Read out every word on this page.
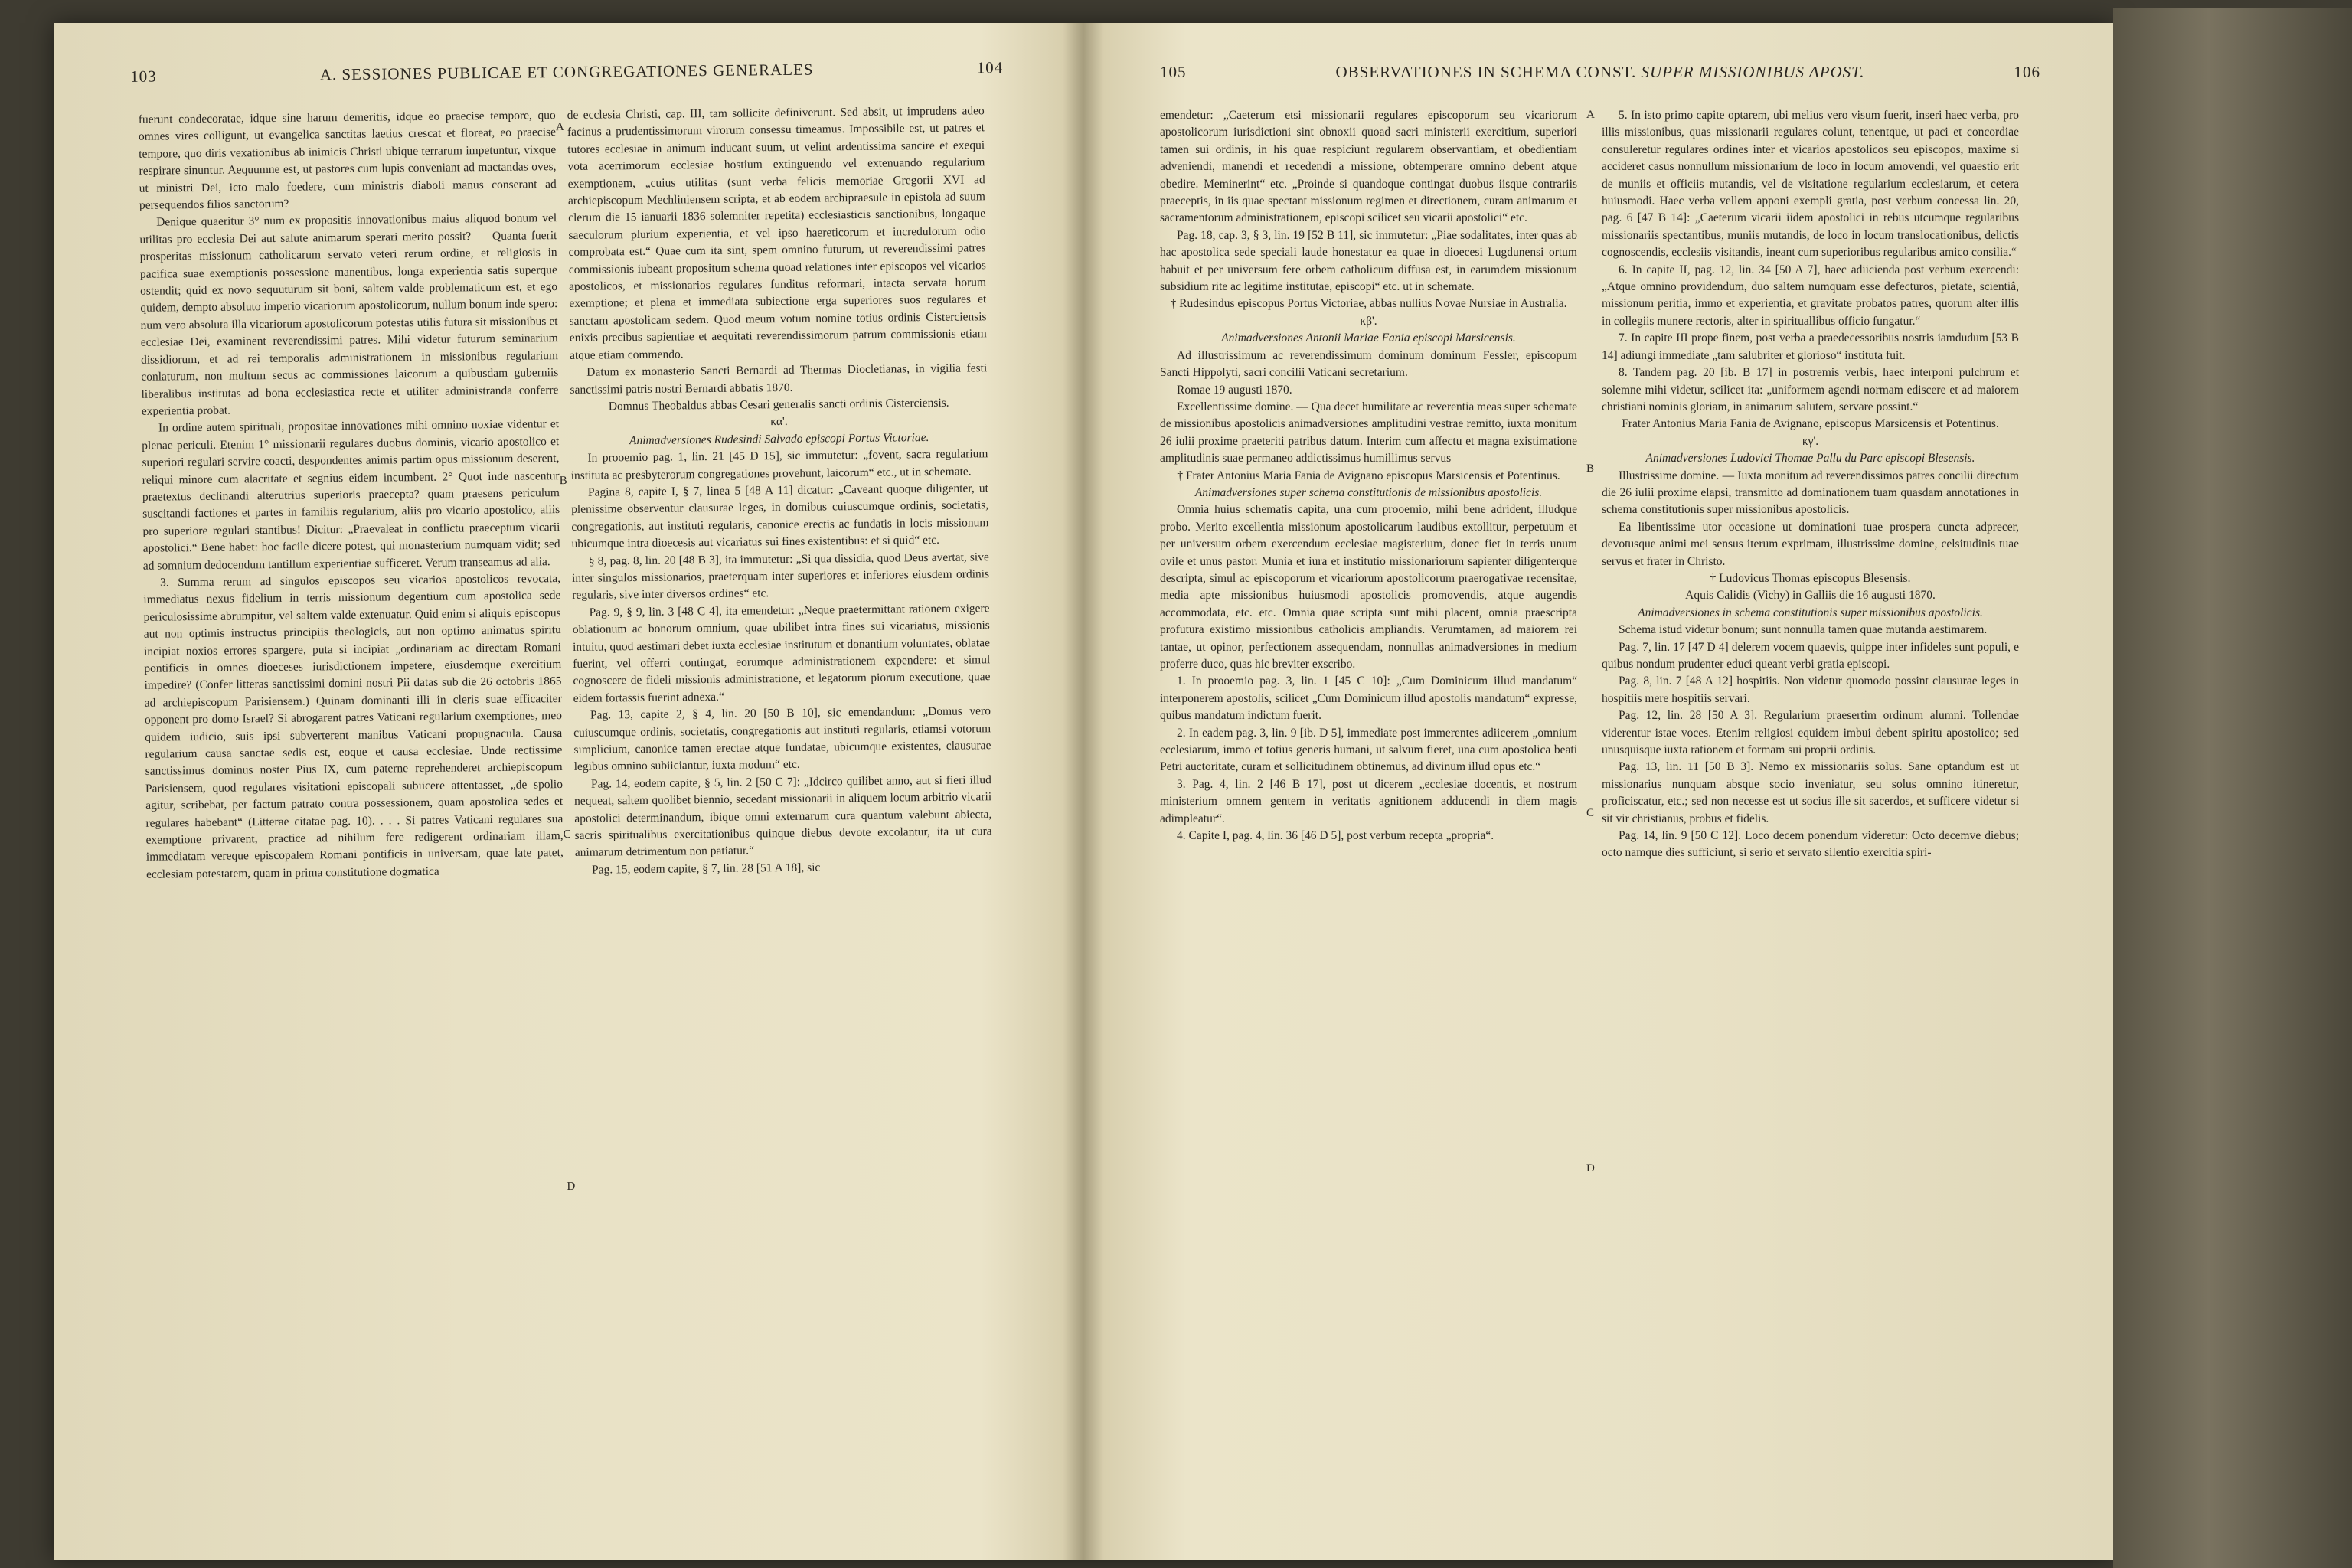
103	A. SESSIONES PUBLICAE ET CONGREGATIONES GENERALES	104

fuerunt condecoratae, idque sine harum demeritis, idque eo praecise tempore, quo omnes vires colligunt, ut evangelica sanctitas laetius crescat et floreat, eo praecise tempore, quo diris vexationibus ab inimicis Christi ubique terrarum impetuntur, vixque respirare sinuntur. Aequumne est, ut pastores cum lupis conveniant ad mactandas oves, ut ministri Dei, icto malo foedere, cum ministris diaboli manus conserant ad persequendos filios sanctorum?

Denique quaeritur 3° num ex propositis innovationibus maius aliquod bonum vel utilitas pro ecclesia Dei aut salute animarum sperari merito possit? — Quanta fuerit prosperitas missionum catholicarum servato veteri rerum ordine, et religiosis in pacifica suae exemptionis possessione manentibus, longa experientia satis superque ostendit; quid ex novo sequuturum sit boni, saltem valde problematicum est, et ego quidem, dempto absoluto imperio vicariorum apostolicorum, nullum bonum inde spero: num vero absoluta illa vicariorum apostolicorum potestas utilis futura sit missionibus et ecclesiae Dei, examinent reverendissimi patres. Mihi videtur futurum seminarium dissidiorum, et ad rei temporalis administrationem in missionibus regularium conlaturum, non multum secus ac commissiones laicorum a quibusdam guberniis liberalibus institutas ad bona ecclesiastica recte et utiliter administranda conferre experientia probat.

In ordine autem spirituali, propositae innovationes mihi omnino noxiae videntur et plenae periculi. Etenim 1° missionarii regulares duobus dominis, vicario apostolico et superiori regulari servire coacti, despondentes animis partim opus missionum deserent, reliqui minore cum alacritate et segnius eidem incumbent. 2° Quot inde nascentur praetextus declinandi alterutrius superioris praecepta? quam praesens periculum suscitandi factiones et partes in familiis regularium, aliis pro vicario apostolico, aliis pro superiore regulari stantibus! Dicitur: „Praevaleat in conflictu praeceptum vicarii apostolici.“ Bene habet: hoc facile dicere potest, qui monasterium numquam vidit; sed ad somnium dedocendum tantillum experientiae sufficeret. Verum transeamus ad alia.

3. Summa rerum ad singulos episcopos seu vicarios apostolicos revocata, immediatus nexus fidelium in terris missionum degentium cum apostolica sede periculosissime abrumpitur, vel saltem valde extenuatur. Quid enim si aliquis episcopus aut non optimis instructus principiis theologicis, aut non optimo animatus spiritu incipiat noxios errores spargere, puta si incipiat „ordinariam ac directam Romani pontificis in omnes dioeceses iurisdictionem impetere, eiusdemque exercitium impedire? (Confer litteras sanctissimi domini nostri Pii datas sub die 26 octobris 1865 ad archiepiscopum Parisiensem.) Quinam dominanti illi in cleris suae efficaciter opponent pro domo Israel? Si abrogarent patres Vaticani regularium exemptiones, meo quidem iudicio, suis ipsi subverterent manibus Vaticani propugnacula. Causa regularium causa sanctae sedis est, eoque et causa ecclesiae. Unde rectissime sanctissimus dominus noster Pius IX, cum paterne reprehenderet archiepiscopum Parisiensem, quod regulares visitationi episcopali subiicere attentasset, „de spolio agitur, scribebat, per factum patrato contra possessionem, quam apostolica sedes et regulares habebant“ (Litterae citatae pag. 10). . . . Si patres Vaticani regulares sua exemptione privarent, practice ad nihilum fere redigerent ordinariam illam, immediatam vereque episcopalem Romani pontificis in universam, quae late patet, ecclesiam potestatem, quam in prima constitutione dogmatica

de ecclesia Christi, cap. III, tam sollicite definiverunt. Sed absit, ut imprudens adeo facinus a prudentissimorum virorum consessu timeamus. Impossibile est, ut patres et tutores ecclesiae in animum inducant suum, ut velint ardentissima sancire et exequi vota acerrimorum ecclesiae hostium extinguendo vel extenuando regularium exemptionem, „cuius utilitas (sunt verba felicis memoriae Gregorii XVI ad archiepiscopum Mechliniensem scripta, et ab eodem archipraesule in epistola ad suum clerum die 15 ianuarii 1836 solemniter repetita) ecclesiasticis sanctionibus, longaque saeculorum plurium experientia, et vel ipso haereticorum et incredulorum odio comprobata est.“ Quae cum ita sint, spem omnino futurum, ut reverendissimi patres commissionis iubeant propositum schema quoad relationes inter episcopos vel vicarios apostolicos, et missionarios regulares funditus reformari, intacta servata horum exemptione; et plena et immediata subiectione erga superiores suos regulares et sanctam apostolicam sedem. Quod meum votum nomine totius ordinis Cisterciensis enixis precibus sapientiae et aequitati reverendissimorum patrum commissionis etiam atque etiam commendo.

Datum ex monasterio Sancti Bernardi ad Thermas Diocletianas, in vigilia festi sanctissimi patris nostri Bernardi abbatis 1870.

Domnus Theobaldus abbas Cesari generalis sancti ordinis Cisterciensis.

κα'.

Animadversiones Rudesindi Salvado episcopi Portus Victoriae.

In prooemio pag. 1, lin. 21 [45 D 15], sic immutetur: „fovent, sacra regularium instituta ac presbyterorum congregationes provehunt, laicorum“ etc., ut in schemate.

Pagina 8, capite I, § 7, linea 5 [48 A 11] dicatur: „Caveant quoque diligenter, ut plenissime observentur clausurae leges, in domibus cuiuscumque ordinis, societatis, congregationis, aut instituti regularis, canonice erectis ac fundatis in locis missionum ubicumque intra dioecesis aut vicariatus sui fines existentibus: et si quid“ etc.

§ 8, pag. 8, lin. 20 [48 B 3], ita immutetur: „Si qua dissidia, quod Deus avertat, sive inter singulos missionarios, praeterquam inter superiores et inferiores eiusdem ordinis regularis, sive inter diversos ordines“ etc.

Pag. 9, § 9, lin. 3 [48 C 4], ita emendetur: „Neque praetermittant rationem exigere oblationum ac bonorum omnium, quae ubilibet intra fines sui vicariatus, missionis intuitu, quod aestimari debet iuxta ecclesiae institutum et donantium voluntates, oblatae fuerint, vel offerri contingat, eorumque administrationem expendere: et simul cognoscere de fideli missionis administratione, et legatorum piorum executione, quae eidem fortassis fuerint adnexa.“

Pag. 13, capite 2, § 4, lin. 20 [50 B 10], sic emendandum: „Domus vero cuiuscumque ordinis, societatis, congregationis aut instituti regularis, etiamsi votorum simplicium, canonice tamen erectae atque fundatae, ubicumque existentes, clausurae legibus omnino subiiciantur, iuxta modum“ etc.

Pag. 14, eodem capite, § 5, lin. 2 [50 C 7]: „Idcirco quilibet anno, aut si fieri illud nequeat, saltem quolibet biennio, secedant missionarii in aliquem locum arbitrio vicarii apostolici determinandum, ibique omni externarum cura quantum valebunt abiecta, sacris spiritualibus exercitationibus quinque diebus devote excolantur, ita ut cura animarum detrimentum non patiatur.“

Pag. 15, eodem capite, § 7, lin. 28 [51 A 18], sic

A
B
C
D
105	OBSERVATIONES IN SCHEMA CONST. SUPER MISSIONIBUS APOST.	106

emendetur: „Caeterum etsi missionarii regulares episcoporum seu vicariorum apostolicorum iurisdictioni sint obnoxii quoad sacri ministerii exercitium, superiori tamen sui ordinis, in his quae respiciunt regularem observantiam, et obedientiam adveniendi, manendi et recedendi a missione, obtemperare omnino debent atque obedire. Meminerint“ etc. „Proinde si quandoque contingat duobus iisque contrariis praeceptis, in iis quae spectant missionum regimen et directionem, curam animarum et sacramentorum administrationem, episcopi scilicet seu vicarii apostolici“ etc.

Pag. 18, cap. 3, § 3, lin. 19 [52 B 11], sic immutetur: „Piae sodalitates, inter quas ab hac apostolica sede speciali laude honestatur ea quae in dioecesi Lugdunensi ortum habuit et per universum fere orbem catholicum diffusa est, in earumdem missionum subsidium rite ac legitime institutae, episcopi“ etc. ut in schemate.

† Rudesindus episcopus Portus Victoriae, abbas nullius Novae Nursiae in Australia.

κβ'.

Animadversiones Antonii Mariae Fania episcopi Marsicensis.

Ad illustrissimum ac reverendissimum dominum dominum Fessler, episcopum Sancti Hippolyti, sacri concilii Vaticani secretarium.

Romae 19 augusti 1870.

Excellentissime domine. — Qua decet humilitate ac reverentia meas super schemate de missionibus apostolicis animadversiones amplitudini vestrae remitto, iuxta monitum 26 iulii proxime praeteriti patribus datum. Interim cum affectu et magna existimatione amplitudinis suae permaneo addictissimus humillimus servus

† Frater Antonius Maria Fania de Avignano episcopus Marsicensis et Potentinus.

Animadversiones super schema constitutionis de missionibus apostolicis.

Omnia huius schematis capita, una cum prooemio, mihi bene adrident, illudque probo. Merito excellentia missionum apostolicarum laudibus extollitur, perpetuum et per universum orbem exercendum ecclesiae magisterium, donec fiet in terris unum ovile et unus pastor. Munia et iura et institutio missionariorum sapienter diligenterque descripta, simul ac episcoporum et vicariorum apostolicorum praerogativae recensitae, media apte missionibus huiusmodi apostolicis promovendis, atque augendis accommodata, etc. etc. Omnia quae scripta sunt mihi placent, omnia praescripta profutura existimo missionibus catholicis ampliandis. Verumtamen, ad maiorem rei tantae, ut opinor, perfectionem assequendam, nonnullas animadversiones in medium proferre duco, quas hic breviter exscribo.

1. In prooemio pag. 3, lin. 1 [45 C 10]: „Cum Dominicum illud mandatum“ interponerem apostolis, scilicet „Cum Dominicum illud apostolis mandatum“ expresse, quibus mandatum indictum fuerit.

2. In eadem pag. 3, lin. 9 [ib. D 5], immediate post immerentes adiicerem „omnium ecclesiarum, immo et totius generis humani, ut salvum fieret, una cum apostolica beati Petri auctoritate, curam et sollicitudinem obtinemus, ad divinum illud opus etc.“

3. Pag. 4, lin. 2 [46 B 17], post ut dicerem „ecclesiae docentis, et nostrum ministerium omnem gentem in veritatis agnitionem adducendi in diem magis adimpleatur“.

4. Capite I, pag. 4, lin. 36 [46 D 5], post verbum recepta „propria“.

5. In isto primo capite optarem, ubi melius vero visum fuerit, inseri haec verba, pro illis missionibus, quas missionarii regulares colunt, tenentque, ut paci et concordiae consuleretur regulares ordines inter et vicarios apostolicos seu episcopos, maxime si accideret casus nonnullum missionarium de loco in locum amovendi, vel quaestio erit de muniis et officiis mutandis, vel de visitatione regularium ecclesiarum, et cetera huiusmodi. Haec verba vellem apponi exempli gratia, post verbum concessa lin. 20, pag. 6 [47 B 14]: „Caeterum vicarii iidem apostolici in rebus utcumque regularibus missionariis spectantibus, muniis mutandis, de loco in locum translocationibus, delictis cognoscendis, ecclesiis visitandis, ineant cum superioribus regularibus amico consilia.“

6. In capite II, pag. 12, lin. 34 [50 A 7], haec adiicienda post verbum exercendi: „Atque omnino providendum, duo saltem numquam esse defecturos, pietate, scientiâ, missionum peritia, immo et experientia, et gravitate probatos patres, quorum alter illis in collegiis munere rectoris, alter in spirituallibus officio fungatur.“

7. In capite III prope finem, post verba a praedecessoribus nostris iamdudum [53 B 14] adiungi immediate „tam salubriter et glorioso“ instituta fuit.

8. Tandem pag. 20 [ib. B 17] in postremis verbis, haec interponi pulchrum et solemne mihi videtur, scilicet ita: „uniformem agendi normam ediscere et ad maiorem christiani nominis gloriam, in animarum salutem, servare possint.“

Frater Antonius Maria Fania de Avignano, episcopus Marsicensis et Potentinus.

κγ'.

Animadversiones Ludovici Thomae Pallu du Parc episcopi Blesensis.

Illustrissime domine. — Iuxta monitum ad reverendissimos patres concilii directum die 26 iulii proxime elapsi, transmitto ad dominationem tuam quasdam annotationes in schema constitutionis super missionibus apostolicis.

Ea libentissime utor occasione ut dominationi tuae prospera cuncta adprecer, devotusque animi mei sensus iterum exprimam, illustrissime domine, celsitudinis tuae servus et frater in Christo.

† Ludovicus Thomas episcopus Blesensis.

Aquis Calidis (Vichy) in Galliis die 16 augusti 1870.

Animadversiones in schema constitutionis super missionibus apostolicis.

Schema istud videtur bonum; sunt nonnulla tamen quae mutanda aestimarem.

Pag. 7, lin. 17 [47 D 4] delerem vocem quaevis, quippe inter infideles sunt populi, e quibus nondum prudenter educi queant verbi gratia episcopi.

Pag. 8, lin. 7 [48 A 12] hospitiis. Non videtur quomodo possint clausurae leges in hospitiis mere hospitiis servari.

Pag. 12, lin. 28 [50 A 3]. Regularium praesertim ordinum alumni. Tollendae viderentur istae voces. Etenim religiosi equidem imbui debent spiritu apostolico; sed unusquisque iuxta rationem et formam sui proprii ordinis.

Pag. 13, lin. 11 [50 B 3]. Nemo ex missionariis solus. Sane optandum est ut missionarius nunquam absque socio inveniatur, seu solus omnino itineretur, proficiscatur, etc.; sed non necesse est ut socius ille sit sacerdos, et sufficere videtur si sit vir christianus, probus et fidelis.

Pag. 14, lin. 9 [50 C 12]. Loco decem ponendum videretur: Octo decemve diebus; octo namque dies sufficiunt, si serio et servato silentio exercitia spiri-

A
B
C
D
